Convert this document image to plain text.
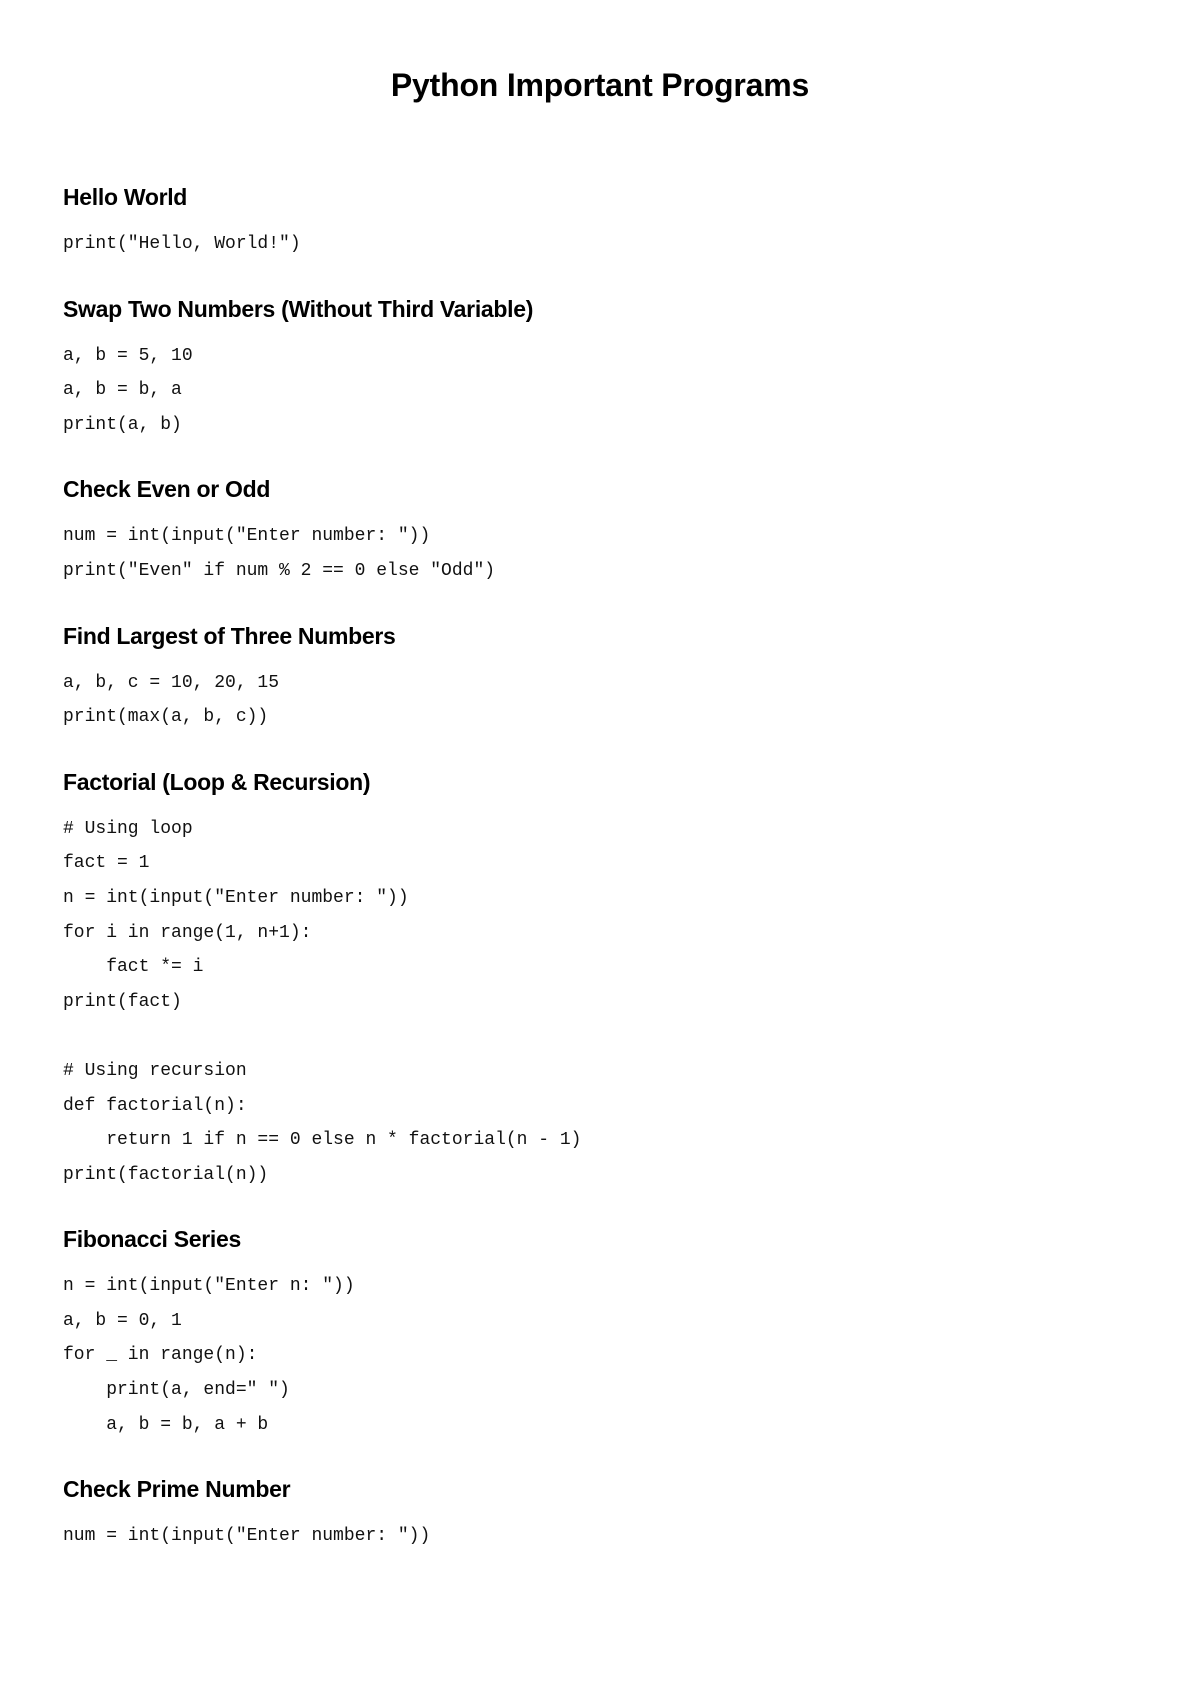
Python Important Programs
Hello World
print("Hello, World!")
Swap Two Numbers (Without Third Variable)
a, b = 5, 10
a, b = b, a
print(a, b)
Check Even or Odd
num = int(input("Enter number: "))
print("Even" if num % 2 == 0 else "Odd")
Find Largest of Three Numbers
a, b, c = 10, 20, 15
print(max(a, b, c))
Factorial (Loop & Recursion)
# Using loop
fact = 1
n = int(input("Enter number: "))
for i in range(1, n+1):
fact *= i
print(fact)
# Using recursion
def factorial(n):
return 1 if n == 0 else n * factorial(n - 1)
print(factorial(n))
Fibonacci Series
n = int(input("Enter n: "))
a, b = 0, 1
for _ in range(n):
print(a, end=" ")
a, b = b, a + b
Check Prime Number
num = int(input("Enter number: "))
